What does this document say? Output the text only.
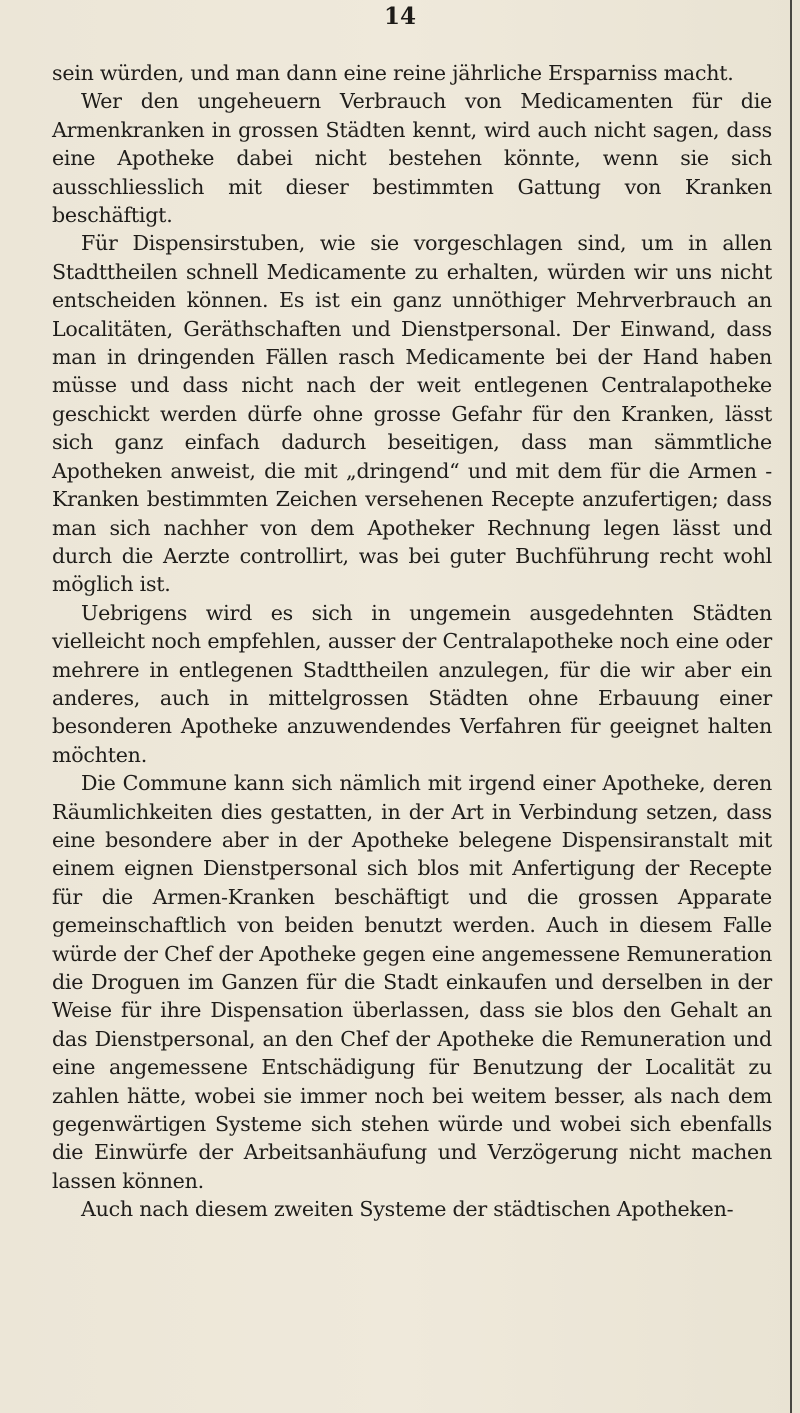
14

sein würden, und man dann eine reine jährliche Ersparniss macht.

Wer den ungeheuern Verbrauch von Medicamenten für die Armenkranken in grossen Städten kennt, wird auch nicht sagen, dass eine Apotheke dabei nicht bestehen könnte, wenn sie sich ausschliesslich mit dieser bestimmten Gattung von Kranken beschäftigt.

Für Dispensirstuben, wie sie vorgeschlagen sind, um in allen Stadttheilen schnell Medicamente zu erhalten, würden wir uns nicht entscheiden können. Es ist ein ganz unnöthiger Mehrverbrauch an Localitäten, Geräthschaften und Dienstpersonal. Der Einwand, dass man in dringenden Fällen rasch Medicamente bei der Hand haben müsse und dass nicht nach der weit entlegenen Centralapotheke geschickt werden dürfe ohne grosse Gefahr für den Kranken, lässt sich ganz einfach dadurch beseitigen, dass man sämmtliche Apotheken anweist, die mit „dringend“ und mit dem für die Armen - Kranken bestimmten Zeichen versehenen Recepte anzufertigen; dass man sich nachher von dem Apotheker Rechnung legen lässt und durch die Aerzte controllirt, was bei guter Buchführung recht wohl möglich ist.

Uebrigens wird es sich in ungemein ausgedehnten Städten vielleicht noch empfehlen, ausser der Centralapotheke noch eine oder mehrere in entlegenen Stadttheilen anzulegen, für die wir aber ein anderes, auch in mittelgrossen Städten ohne Erbauung einer besonderen Apotheke anzuwendendes Verfahren für geeignet halten möchten.

Die Commune kann sich nämlich mit irgend einer Apotheke, deren Räumlichkeiten dies gestatten, in der Art in Verbindung setzen, dass eine besondere aber in der Apotheke belegene Dispensiranstalt mit einem eignen Dienstpersonal sich blos mit Anfertigung der Recepte für die Armen-Kranken beschäftigt und die grossen Apparate gemeinschaftlich von beiden benutzt werden. Auch in diesem Falle würde der Chef der Apotheke gegen eine angemessene Remuneration die Droguen im Ganzen für die Stadt einkaufen und derselben in der Weise für ihre Dispensation überlassen, dass sie blos den Gehalt an das Dienstpersonal, an den Chef der Apotheke die Remuneration und eine angemessene Entschädigung für Benutzung der Localität zu zahlen hätte, wobei sie immer noch bei weitem besser, als nach dem gegenwärtigen Systeme sich stehen würde und wobei sich ebenfalls die Einwürfe der Arbeitsanhäufung und Verzögerung nicht machen lassen können.

Auch nach diesem zweiten Systeme der städtischen Apotheken-
